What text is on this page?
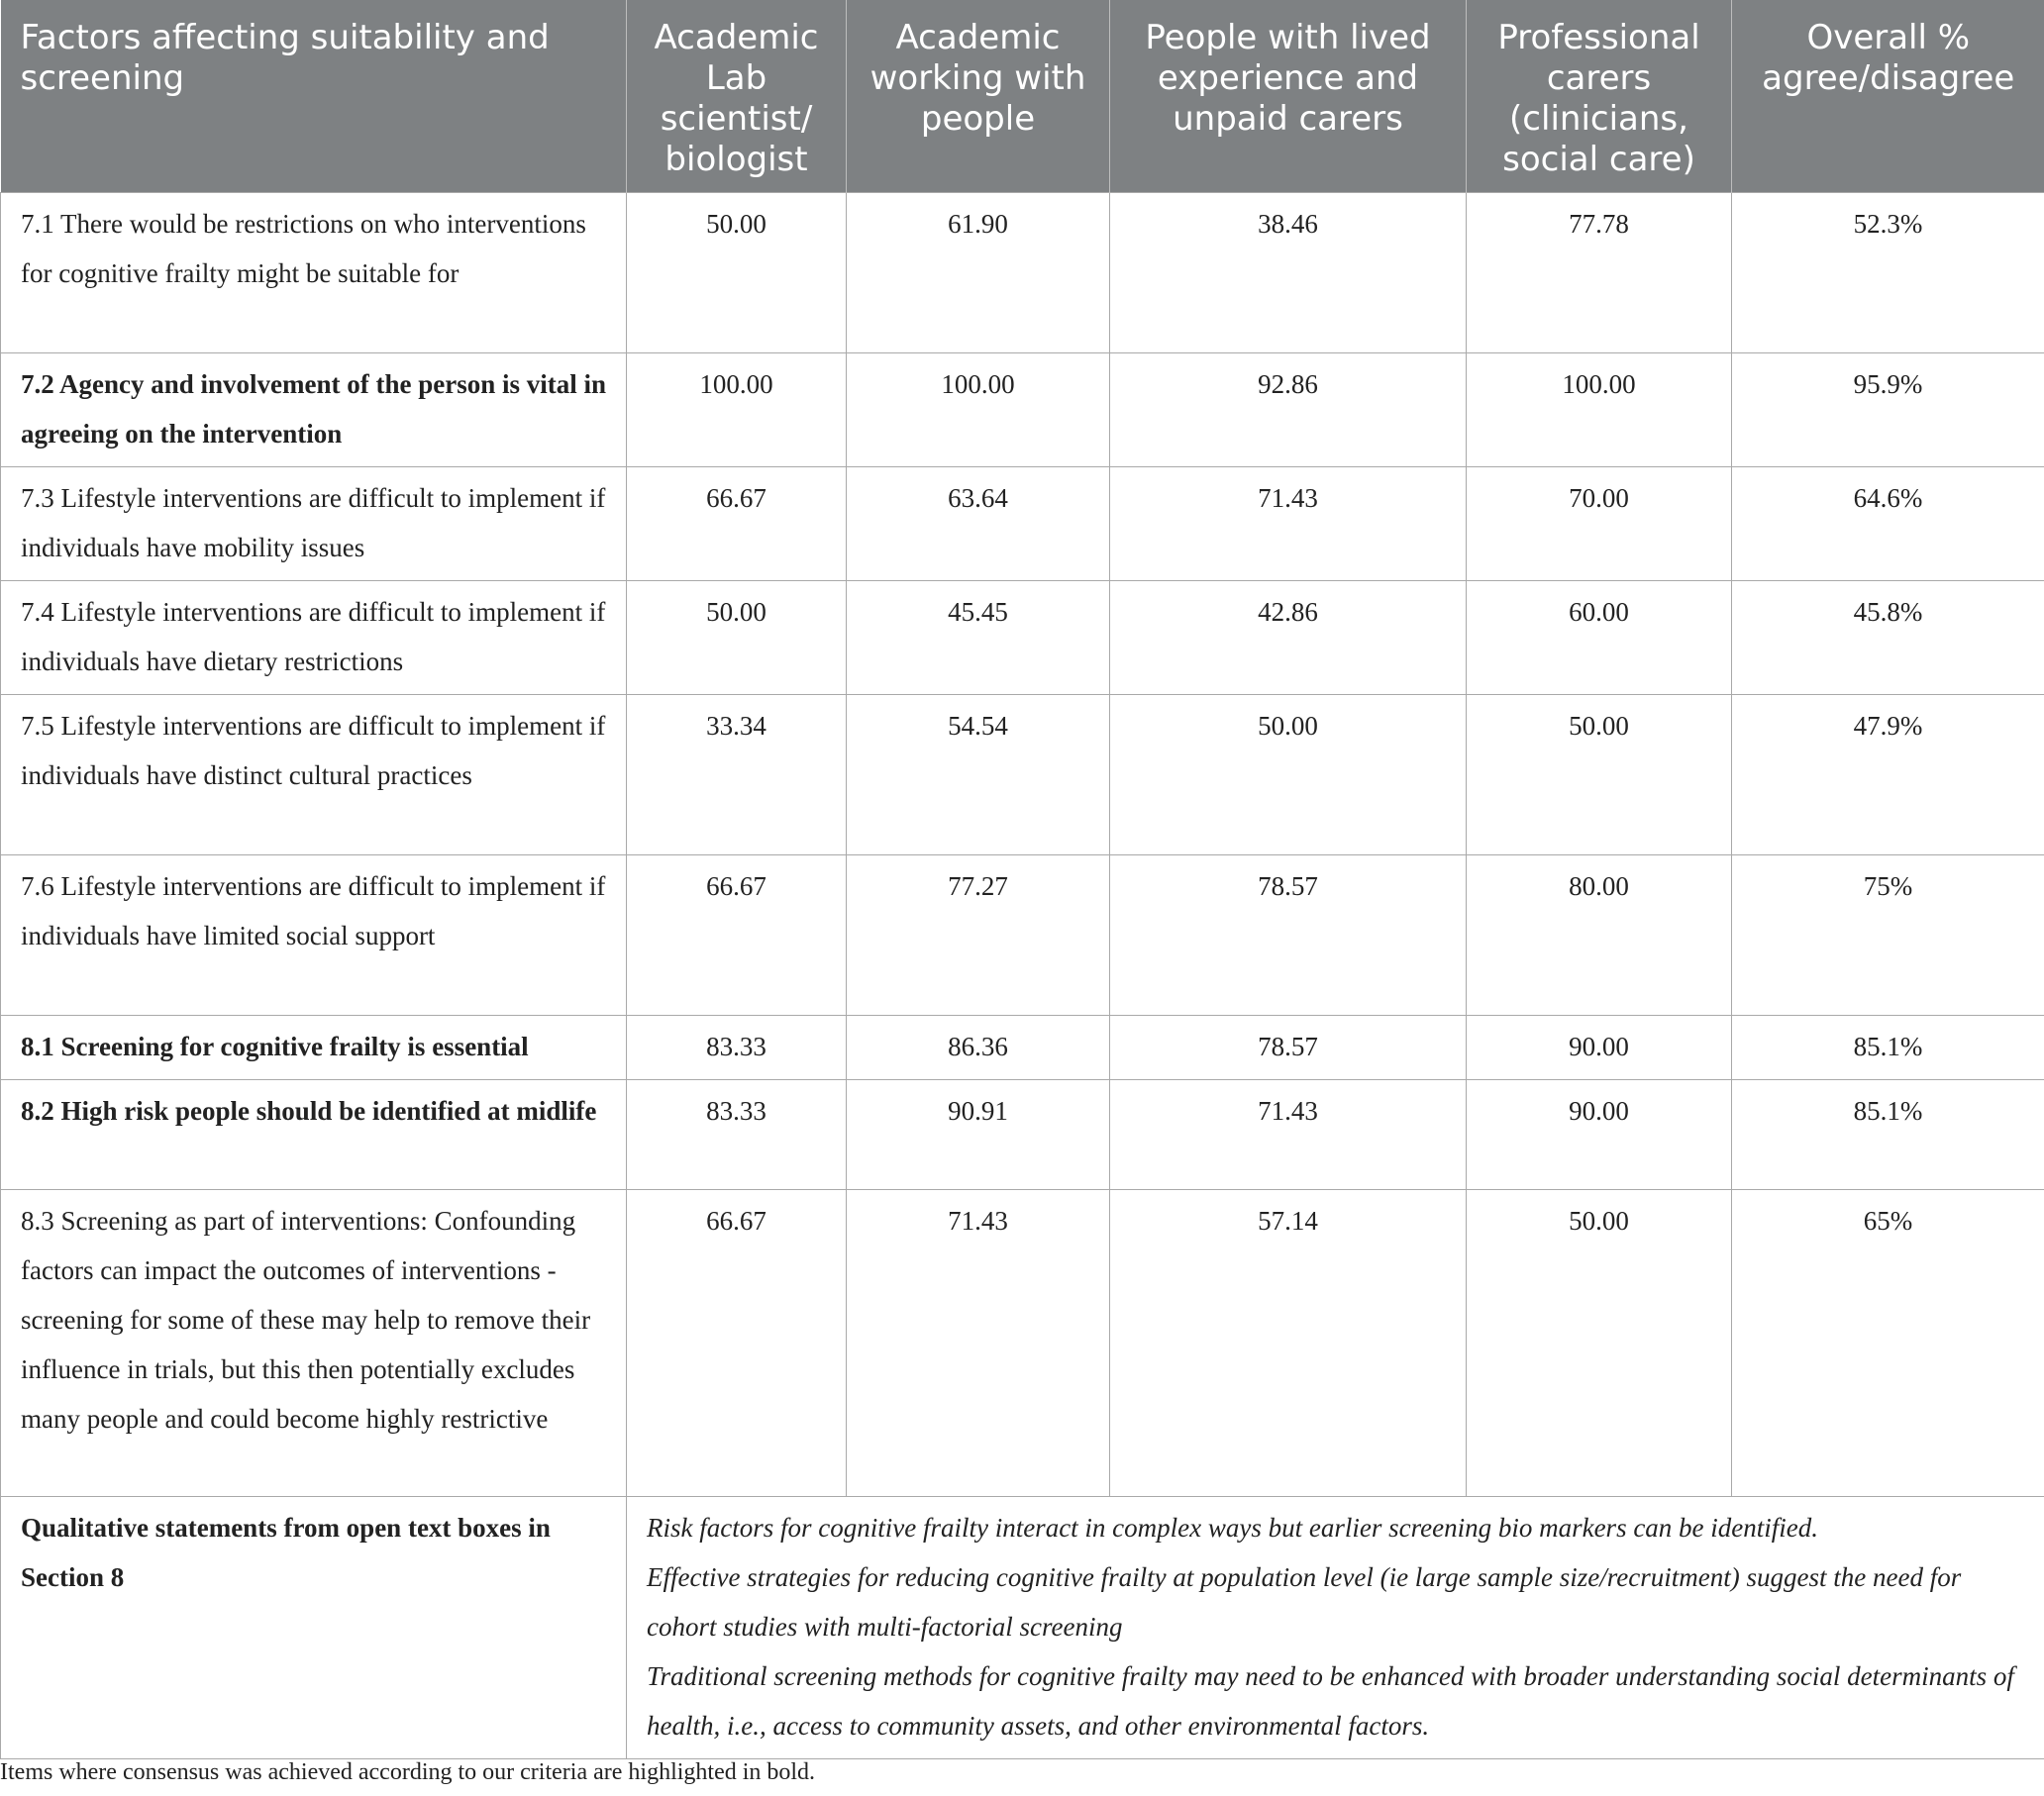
Factors affecting suitability and screening	Academic Lab scientist/ biologist	Academic working with people	People with lived experience and unpaid carers	Professional carers (clinicians, social care)	Overall % agree/disagree
7.1 There would be restrictions on who interventions for cognitive frailty might be suitable for	50.00	61.90	38.46	77.78	52.3%
7.2 Agency and involvement of the person is vital in agreeing on the intervention	100.00	100.00	92.86	100.00	95.9%
7.3 Lifestyle interventions are difficult to implement if individuals have mobility issues	66.67	63.64	71.43	70.00	64.6%
7.4 Lifestyle interventions are difficult to implement if individuals have dietary restrictions	50.00	45.45	42.86	60.00	45.8%
7.5 Lifestyle interventions are difficult to implement if individuals have distinct cultural practices	33.34	54.54	50.00	50.00	47.9%
7.6 Lifestyle interventions are difficult to implement if individuals have limited social support	66.67	77.27	78.57	80.00	75%
8.1 Screening for cognitive frailty is essential	83.33	86.36	78.57	90.00	85.1%
8.2 High risk people should be identified at midlife	83.33	90.91	71.43	90.00	85.1%
8.3 Screening as part of interventions: Confounding factors can impact the outcomes of interventions - screening for some of these may help to remove their influence in trials, but this then potentially excludes many people and could become highly restrictive	66.67	71.43	57.14	50.00	65%
Qualitative statements from open text boxes in Section 8	Risk factors for cognitive frailty interact in complex ways but earlier screening bio markers can be identified.
Effective strategies for reducing cognitive frailty at population level (ie large sample size/recruitment) suggest the need for cohort studies with multi-factorial screening
Traditional screening methods for cognitive frailty may need to be enhanced with broader understanding social determinants of health, i.e., access to community assets, and other environmental factors.				

Items where consensus was achieved according to our criteria are highlighted in bold.
